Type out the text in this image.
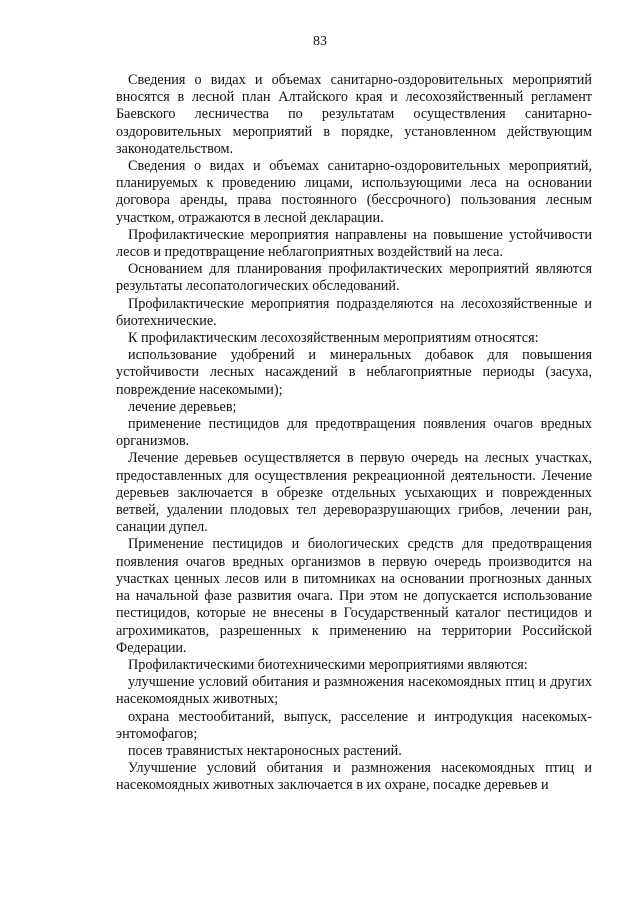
83

Сведения о видах и объемах санитарно-оздоровительных мероприятий вносятся в лесной план Алтайского края и лесохозяйственный регламент Баевского лесничества по результатам осуществления санитарно-оздоровительных мероприятий в порядке, установленном действующим законодательством.

Сведения о видах и объемах санитарно-оздоровительных мероприятий, планируемых к проведению лицами, использующими леса на основании договора аренды, права постоянного (бессрочного) пользования лесным участком, отражаются в лесной декларации.

Профилактические мероприятия направлены на повышение устойчивости лесов и предотвращение неблагоприятных воздействий на леса.

Основанием для планирования профилактических мероприятий являются результаты лесопатологических обследований.

Профилактические мероприятия подразделяются на лесохозяйственные и биотехнические.

К профилактическим лесохозяйственным мероприятиям относятся:

использование удобрений и минеральных добавок для повышения устойчивости лесных насаждений в неблагоприятные периоды (засуха, повреждение насекомыми);

лечение деревьев;

применение пестицидов для предотвращения появления очагов вредных организмов.

Лечение деревьев осуществляется в первую очередь на лесных участках, предоставленных для осуществления рекреационной деятельности. Лечение деревьев заключается в обрезке отдельных усыхающих и поврежденных ветвей, удалении плодовых тел дереворазрушающих грибов, лечении ран, санации дупел.

Применение пестицидов и биологических средств для предотвращения появления очагов вредных организмов в первую очередь производится на участках ценных лесов или в питомниках на основании прогнозных данных на начальной фазе развития очага. При этом не допускается использование пестицидов, которые не внесены в Государственный каталог пестицидов и агрохимикатов, разрешенных к применению на территории Российской Федерации.

Профилактическими биотехническими мероприятиями являются:

улучшение условий обитания и размножения насекомоядных птиц и других насекомоядных животных;

охрана местообитаний, выпуск, расселение и интродукция насекомых-энтомофагов;

посев травянистых нектароносных растений.

Улучшение условий обитания и размножения насекомоядных птиц и насекомоядных животных заключается в их охране, посадке деревьев и
